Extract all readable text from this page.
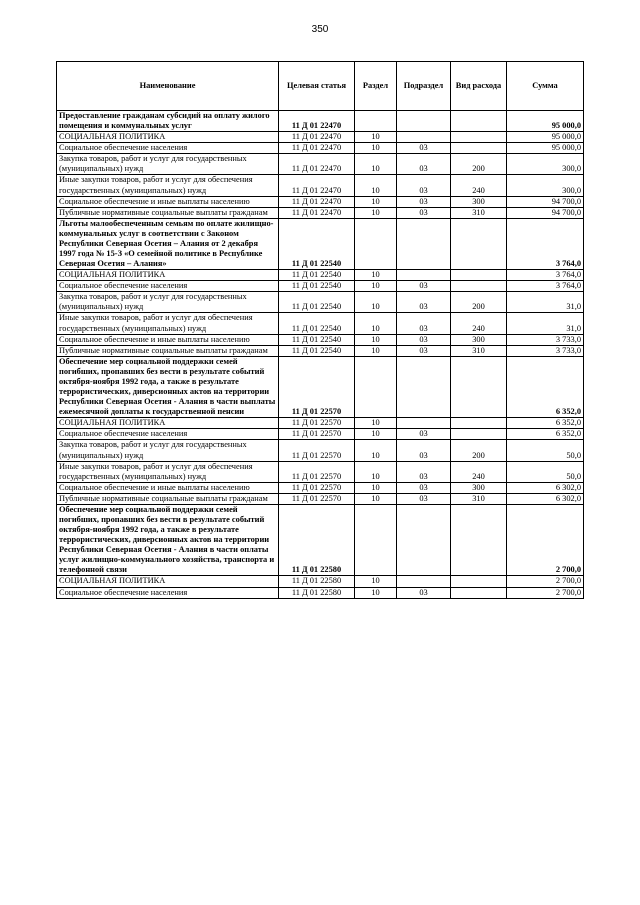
350
Наименование	Целевая статья	Раздел	Подраздел	Вид расхода	Сумма
Предоставление гражданам субсидий на оплату жилого помещения и коммунальных услуг	11 Д 01 22470				95 000,0
СОЦИАЛЬНАЯ ПОЛИТИКА	11 Д 01 22470	10			95 000,0
Социальное обеспечение населения	11 Д 01 22470	10	03		95 000,0
Закупка товаров, работ и услуг для государственных (муниципальных) нужд	11 Д 01 22470	10	03	200	300,0
Иные закупки товаров, работ и услуг для обеспечения государственных (муниципальных) нужд	11 Д 01 22470	10	03	240	300,0
Социальное обеспечение и иные выплаты населению	11 Д 01 22470	10	03	300	94 700,0
Публичные нормативные социальные выплаты гражданам	11 Д 01 22470	10	03	310	94 700,0
Льготы малообеспеченным семьям по оплате жилищно-коммунальных услуг в соответствии с Законом Республики Северная Осетия – Алания от 2 декабря 1997 года № 15-З «О семейной политике в Республике Северная Осетия – Алания»	11 Д 01 22540				3 764,0
СОЦИАЛЬНАЯ ПОЛИТИКА	11 Д 01 22540	10			3 764,0
Социальное обеспечение населения	11 Д 01 22540	10	03		3 764,0
Закупка товаров, работ и услуг для государственных (муниципальных) нужд	11 Д 01 22540	10	03	200	31,0
Иные закупки товаров, работ и услуг для обеспечения государственных (муниципальных) нужд	11 Д 01 22540	10	03	240	31,0
Социальное обеспечение и иные выплаты населению	11 Д 01 22540	10	03	300	3 733,0
Публичные нормативные социальные выплаты гражданам	11 Д 01 22540	10	03	310	3 733,0
Обеспечение мер социальной поддержки семей погибших, пропавших без вести в результате событий октября-ноября 1992 года, а также в результате террористических, диверсионных актов на территории Республики Северная Осетия - Алания в части выплаты ежемесячной доплаты к государственной пенсии	11 Д 01 22570				6 352,0
СОЦИАЛЬНАЯ ПОЛИТИКА	11 Д 01 22570	10			6 352,0
Социальное обеспечение населения	11 Д 01 22570	10	03		6 352,0
Закупка товаров, работ и услуг для государственных (муниципальных) нужд	11 Д 01 22570	10	03	200	50,0
Иные закупки товаров, работ и услуг для обеспечения государственных (муниципальных) нужд	11 Д 01 22570	10	03	240	50,0
Социальное обеспечение и иные выплаты населению	11 Д 01 22570	10	03	300	6 302,0
Публичные нормативные социальные выплаты гражданам	11 Д 01 22570	10	03	310	6 302,0
Обеспечение мер социальной поддержки семей погибших, пропавших без вести в результате событий октября-ноября 1992 года, а также в результате террористических, диверсионных актов на территории Республики Северная Осетия - Алания в части оплаты услуг жилищно-коммунального хозяйства, транспорта и телефонной связи	11 Д 01 22580				2 700,0
СОЦИАЛЬНАЯ ПОЛИТИКА	11 Д 01 22580	10			2 700,0
Социальное обеспечение населения	11 Д 01 22580	10	03		2 700,0
